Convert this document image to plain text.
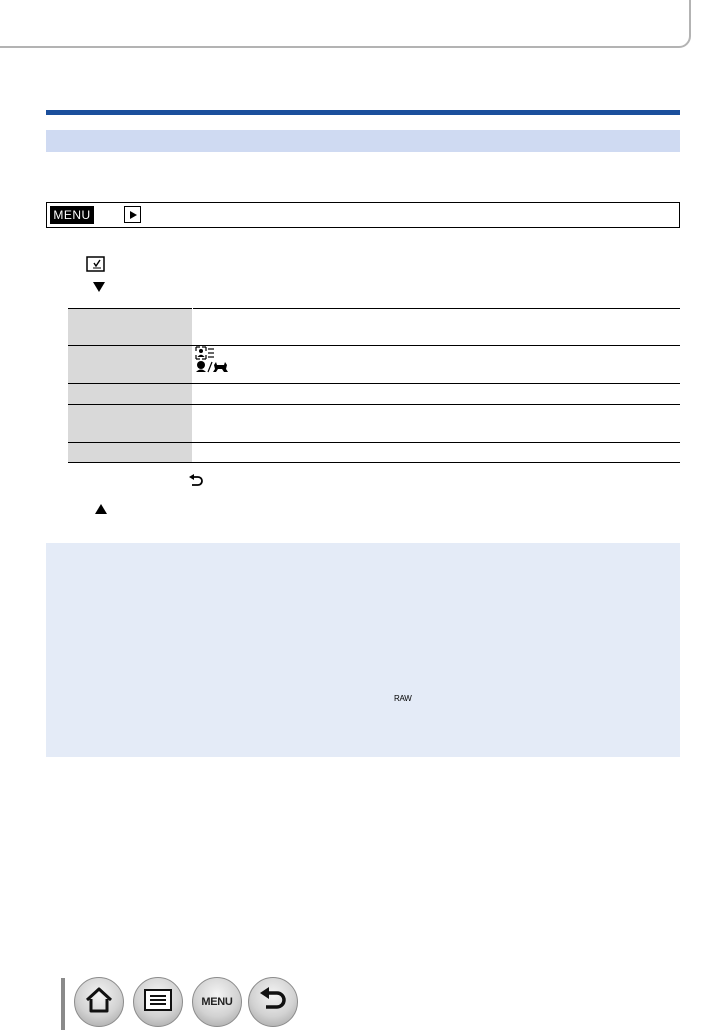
MENU

RAW
MENU
